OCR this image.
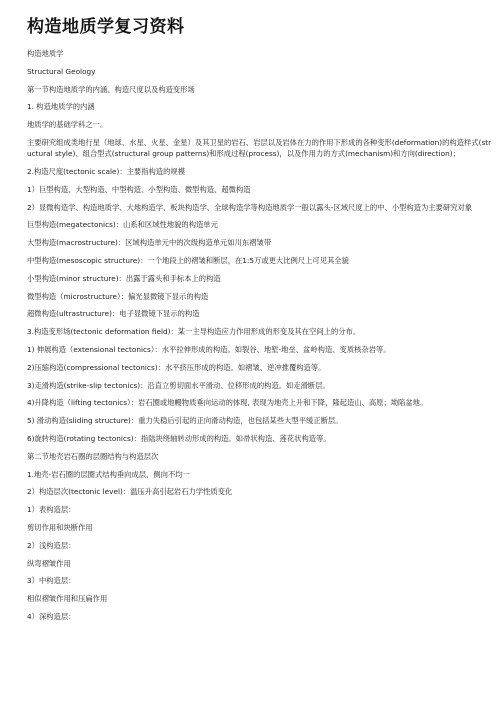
构造地质学复习资料

构造地质学

Structural Geology

第一节构造地质学的内涵、构造尺度以及构造变形场

1. 构造地质学的内涵

地质学的基础学科之一。

主要研究组成类地行星（地球、水星、火星、金星）及其卫星的岩石、岩层以及岩体在力的作用下形成的各种变形(deformation)的构造样式(structural style)、组合型式(structural group patterns)和形成过程(process)，以及作用力的方式(mechanism)和方向(direction)；

2.构造尺度(tectonic scale)：主要指构造的规模

1）巨型构造、大型构造、中型构造、小型构造、微型构造、超微构造

2）显微构造学、构造地质学、大地构造学、板块构造学、全球构造学等构造地质学一般以露头-区域尺度上的中、小型构造为主要研究对象

巨型构造(megatectonics)：山系和区域性地貌的构造单元

大型构造(macrostructure)：区域构造单元中的次级构造单元如川东褶皱带

中型构造(mesoscopic structure)：一个地段上的褶皱和断层，在1:5万或更大比例尺上可见其全貌

小型构造(minor structure)：出露于露头和手标本上的构造

微型构造（microstructure）：偏光显微镜下显示的构造

超微构造(ultrastructure)：电子显微镜下显示的构造

3.构造变形场(tectonic deformation field)：某一主导构造应力作用形成的形变及其在空间上的分布。

1) 伸展构造（extensional tectonics）：水平拉伸形成的构造。如裂谷、地堑-地垒、盆岭构造、变质核杂岩等。

2)压缩构造(compressional tectonics)：水平挤压形成的构造。如褶皱、逆冲推覆构造等。

3)走滑构造(strike-slip tectonics)：沿直立剪切面水平滑动、位移形成的构造。如走滑断层。

4)升降构造（lifting tectonics）：岩石圈或地幔物质垂向运动的体现, 表现为地壳上升和下降，隆起造山、高原；坳陷盆地。

5) 滑动构造(sliding structure)：重力失稳后引起的正向滑动构造，也包括某些大型平缓正断层。

6)旋转构造(rotating tectonics)：指陆块绕轴转动形成的构造。如帚状构造、莲花状构造等。

第二节地壳岩石圈的层圈结构与构造层次

1.地壳-岩石圈的层圈式结构垂向成层、侧向不均一

2）构造层次(tectonic level)：温压升高引起岩石力学性质变化

1）表构造层：

剪切作用和块断作用

2）浅构造层：

纵弯褶皱作用

3）中构造层：

相似褶皱作用和压扁作用

4）深构造层：
